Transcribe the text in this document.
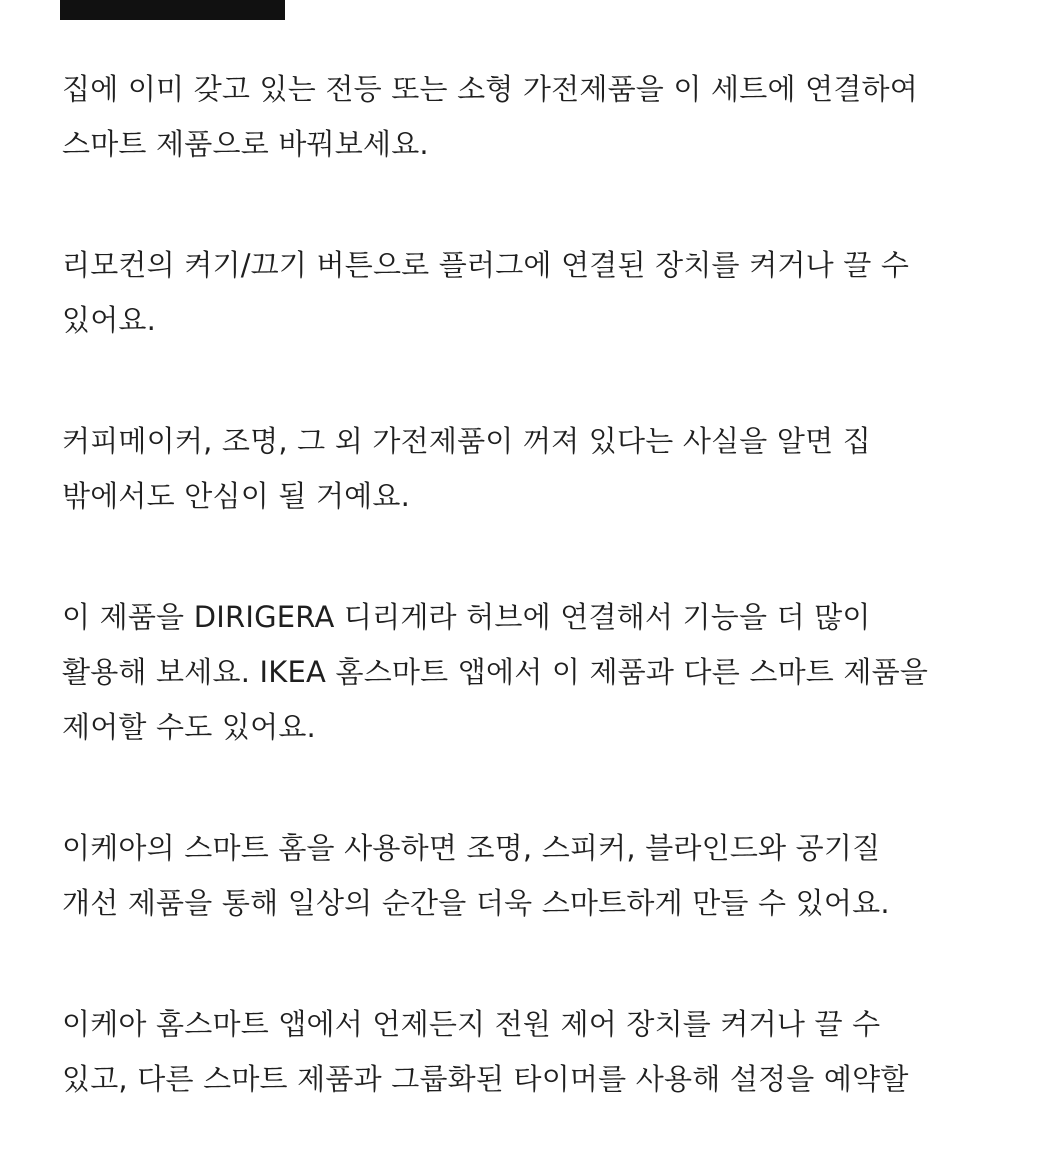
집에 이미 갖고 있는 전등 또는 소형 가전제품을 이 세트에 연결하여
스마트 제품으로 바꿔보세요.

리모컨의 켜기/끄기 버튼으로 플러그에 연결된 장치를 켜거나 끌 수
있어요.

커피메이커, 조명, 그 외 가전제품이 꺼져 있다는 사실을 알면 집
밖에서도 안심이 될 거예요.

이 제품을 DIRIGERA 디리게라 허브에 연결해서 기능을 더 많이
활용해 보세요. IKEA 홈스마트 앱에서 이 제품과 다른 스마트 제품을
제어할 수도 있어요.

이케아의 스마트 홈을 사용하면 조명, 스피커, 블라인드와 공기질
개선 제품을 통해 일상의 순간을 더욱 스마트하게 만들 수 있어요.

이케아 홈스마트 앱에서 언제든지 전원 제어 장치를 켜거나 끌 수
있고, 다른 스마트 제품과 그룹화된 타이머를 사용해 설정을 예약할
